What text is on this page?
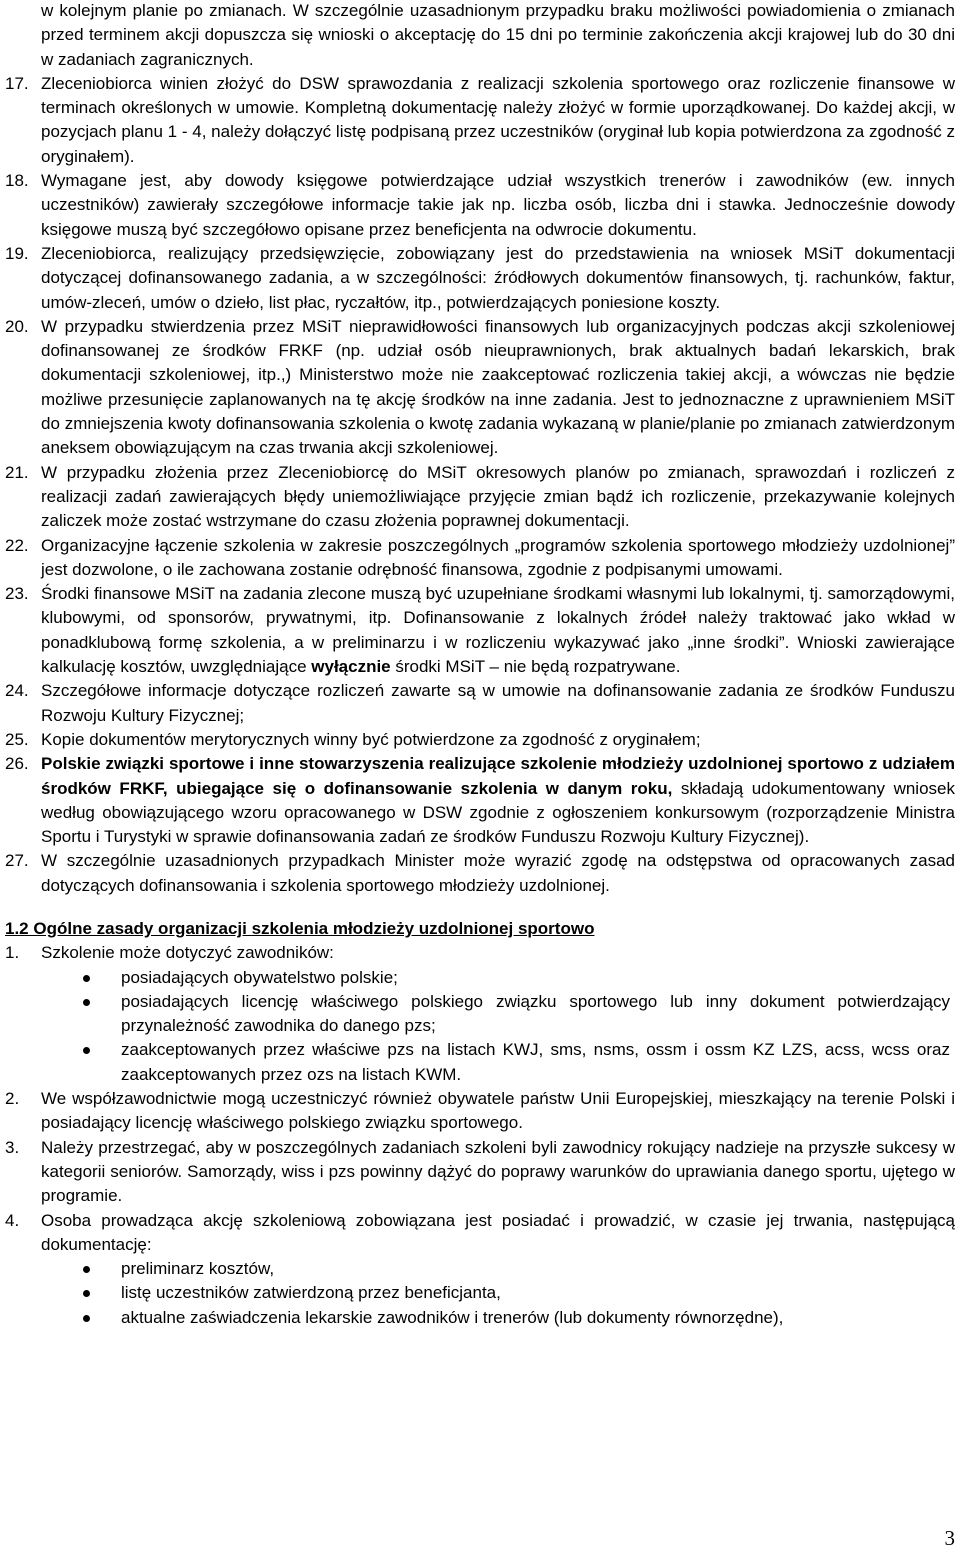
w kolejnym planie po zmianach. W szczególnie uzasadnionym przypadku braku możliwości powiadomienia o zmianach przed terminem akcji dopuszcza się wnioski o akceptację do 15 dni po terminie zakończenia akcji krajowej lub do 30 dni w zadaniach zagranicznych.
17. Zleceniobiorca winien złożyć do DSW sprawozdania z realizacji szkolenia sportowego oraz rozliczenie finansowe w terminach określonych w umowie. Kompletną dokumentację należy złożyć w formie uporządkowanej. Do każdej akcji, w pozycjach planu 1 - 4, należy dołączyć listę podpisaną przez uczestników (oryginał lub kopia potwierdzona za zgodność z oryginałem).
18. Wymagane jest, aby dowody księgowe potwierdzające udział wszystkich trenerów i zawodników (ew. innych uczestników) zawierały szczegółowe informacje takie jak np. liczba osób, liczba dni i stawka. Jednocześnie dowody księgowe muszą być szczegółowo opisane przez beneficjenta na odwrocie dokumentu.
19. Zleceniobiorca, realizujący przedsięwzięcie, zobowiązany jest do przedstawienia na wniosek MSiT dokumentacji dotyczącej dofinansowanego zadania, a w szczególności: źródłowych dokumentów finansowych, tj. rachunków, faktur, umów-zleceń, umów o dzieło, list płac, ryczałtów, itp., potwierdzających poniesione koszty.
20. W przypadku stwierdzenia przez MSiT nieprawidłowości finansowych lub organizacyjnych podczas akcji szkoleniowej dofinansowanej ze środków FRKF (np. udział osób nieuprawnionych, brak aktualnych badań lekarskich, brak dokumentacji szkoleniowej, itp.,) Ministerstwo może nie zaakceptować rozliczenia takiej akcji, a wówczas nie będzie możliwe przesunięcie zaplanowanych na tę akcję środków na inne zadania. Jest to jednoznaczne z uprawnieniem MSiT do zmniejszenia kwoty dofinansowania szkolenia o kwotę zadania wykazaną w planie/planie po zmianach zatwierdzonym aneksem obowiązującym na czas trwania akcji szkoleniowej.
21. W przypadku złożenia przez Zleceniobiorcę do MSiT okresowych planów po zmianach, sprawozdań i rozliczeń z realizacji zadań zawierających błędy uniemożliwiające przyjęcie zmian bądź ich rozliczenie, przekazywanie kolejnych zaliczek może zostać wstrzymane do czasu złożenia poprawnej dokumentacji.
22. Organizacyjne łączenie szkolenia w zakresie poszczególnych „programów szkolenia sportowego młodzieży uzdolnionej” jest dozwolone, o ile zachowana zostanie odrębność finansowa, zgodnie z podpisanymi umowami.
23. Środki finansowe MSiT na zadania zlecone muszą być uzupełniane środkami własnymi lub lokalnymi, tj. samorządowymi, klubowymi, od sponsorów, prywatnymi, itp. Dofinansowanie z lokalnych źródeł należy traktować jako wkład w ponadklubową formę szkolenia, a w preliminarzu i w rozliczeniu wykazywać jako „inne środki”. Wnioski zawierające kalkulację kosztów, uwzględniające wyłącznie środki MSiT – nie będą rozpatrywane.
24. Szczegółowe informacje dotyczące rozliczeń zawarte są w umowie na dofinansowanie zadania ze środków Funduszu Rozwoju Kultury Fizycznej;
25. Kopie dokumentów merytorycznych winny być potwierdzone za zgodność z oryginałem;
26. Polskie związki sportowe i inne stowarzyszenia realizujące szkolenie młodzieży uzdolnionej sportowo z udziałem środków FRKF, ubiegające się o dofinansowanie szkolenia w danym roku, składają udokumentowany wniosek według obowiązującego wzoru opracowanego w DSW zgodnie z ogłoszeniem konkursowym (rozporządzenie Ministra Sportu i Turystyki w sprawie dofinansowania zadań ze środków Funduszu Rozwoju Kultury Fizycznej).
27. W szczególnie uzasadnionych przypadkach Minister może wyrazić zgodę na odstępstwa od opracowanych zasad dotyczących dofinansowania i szkolenia sportowego młodzieży uzdolnionej.
1.2 Ogólne zasady organizacji szkolenia młodzieży uzdolnionej sportowo
1. Szkolenie może dotyczyć zawodników:
posiadających obywatelstwo polskie;
posiadających licencję właściwego polskiego związku sportowego lub inny dokument potwierdzający przynależność zawodnika do danego pzs;
zaakceptowanych przez właściwe pzs na listach KWJ, sms, nsms, ossm i ossm KZ LZS, acss, wcss oraz zaakceptowanych przez ozs na listach KWM.
2. We współzawodnictwie mogą uczestniczyć również obywatele państw Unii Europejskiej, mieszkający na terenie Polski i posiadający licencję właściwego polskiego związku sportowego.
3. Należy przestrzegać, aby w poszczególnych zadaniach szkoleni byli zawodnicy rokujący nadzieje na przyszłe sukcesy w kategorii seniorów. Samorządy, wiss i pzs powinny dążyć do poprawy warunków do uprawiania danego sportu, ujętego w programie.
4. Osoba prowadząca akcję szkoleniową zobowiązana jest posiadać i prowadzić, w czasie jej trwania, następującą dokumentację:
preliminarz kosztów,
listę uczestników zatwierdzoną przez beneficjanta,
aktualne zaświadczenia lekarskie zawodników i trenerów (lub dokumenty równorzędne),
3
